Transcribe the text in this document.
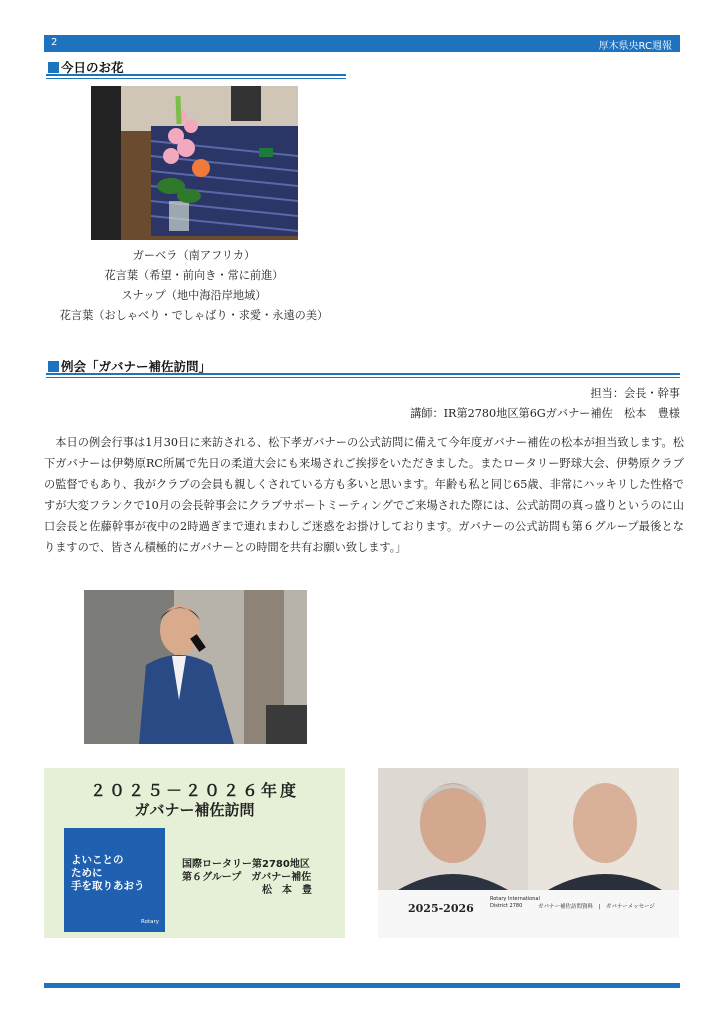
2	厚木県央RC週報
今日のお花
ガーベラ（南アフリカ）
花言葉（希望・前向き・常に前進）
スナップ（地中海沿岸地域）
花言葉（おしゃべり・でしゃばり・求愛・永遠の美）
例会「ガバナー補佐訪問」
担当：会長・幹事
講師：IR第2780地区第6Gガバナー補佐　松本　豊様
本日の例会行事は1月30日に来訪される、松下孝ガバナーの公式訪問に備えて今年度ガバナー補佐の松本が担当致します。松下ガバナーは伊勢原RC所属で先日の柔道大会にも来場されご挨拶をいただきました。またロータリー野球大会、伊勢原クラブの監督でもあり、我がクラブの会員も親しくされている方も多いと思います。年齢も私と同じ65歳、非常にハッキリした性格ですが大変フランクで10月の会長幹事会にクラブサポートミーティングでご来場された際には、公式訪問の真っ盛りというのに山口会長と佐藤幹事が夜中の2時過ぎまで連れまわしご迷惑をお掛けしております。ガバナーの公式訪問も第６グループ最後となりますので、皆さん積極的にガバナーとの時間を共有お願い致します。」
２０２５－２０２６年度
ガバナー補佐訪問
よいことの
ために
手を取りあおう
Rotary
国際ロータリー第2780地区
第６グループ　ガバナー補佐
松　本　豊
2025-2026
Rotary International
District 2780	ガバナー補佐訪問資料　|　ガバナーメッセージ
